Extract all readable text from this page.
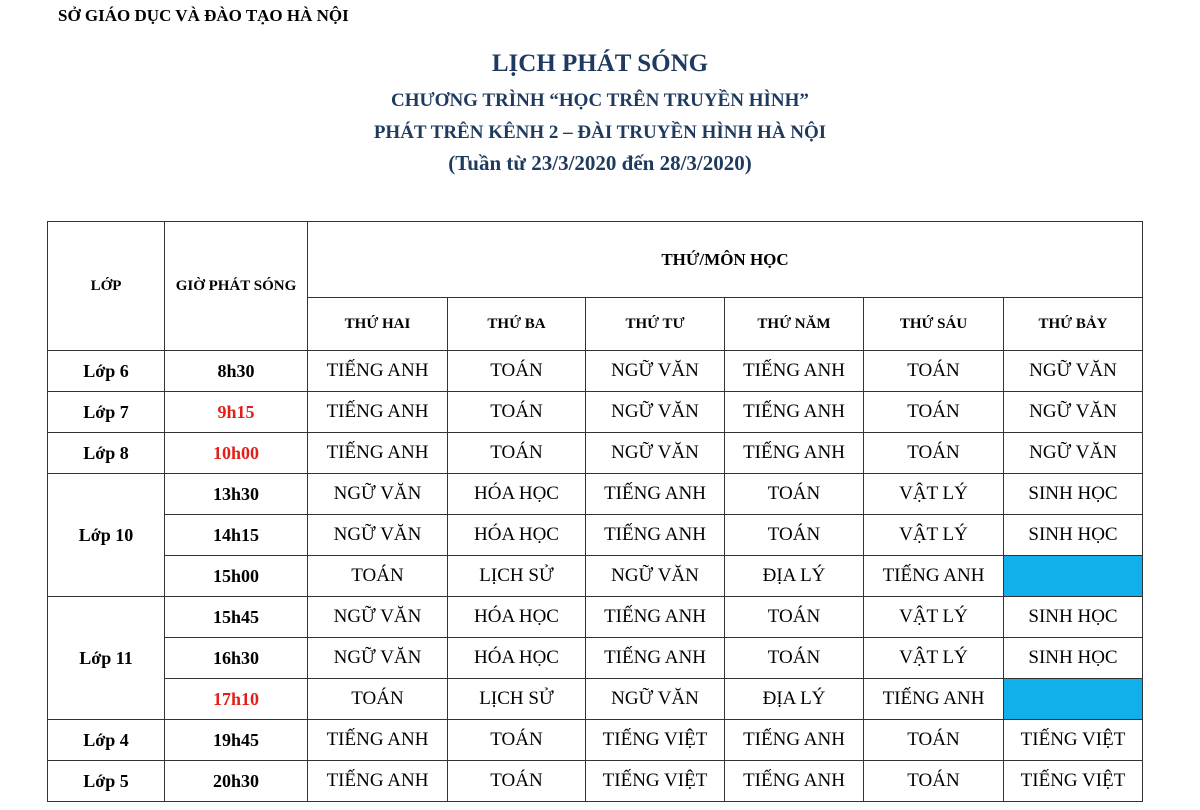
SỞ GIÁO DỤC VÀ ĐÀO TẠO HÀ NỘI
LỊCH PHÁT SÓNG
CHƯƠNG TRÌNH “HỌC TRÊN TRUYỀN HÌNH”
PHÁT TRÊN KÊNH 2 – ĐÀI TRUYỀN HÌNH HÀ NỘI
(Tuần từ 23/3/2020 đến 28/3/2020)
LỚP	GIỜ PHÁT SÓNG	THỨ/MÔN HỌC					
		THỨ HAI	THỨ BA	THỨ TƯ	THỨ NĂM	THỨ SÁU	THỨ BẢY
Lớp 6	8h30	TIẾNG ANH	TOÁN	NGỮ VĂN	TIẾNG ANH	TOÁN	NGỮ VĂN
Lớp 7	9h15	TIẾNG ANH	TOÁN	NGỮ VĂN	TIẾNG ANH	TOÁN	NGỮ VĂN
Lớp 8	10h00	TIẾNG ANH	TOÁN	NGỮ VĂN	TIẾNG ANH	TOÁN	NGỮ VĂN
Lớp 10	13h30	NGỮ VĂN	HÓA HỌC	TIẾNG ANH	TOÁN	VẬT LÝ	SINH HỌC
	14h15	NGỮ VĂN	HÓA HỌC	TIẾNG ANH	TOÁN	VẬT LÝ	SINH HỌC
	15h00	TOÁN	LỊCH SỬ	NGỮ VĂN	ĐỊA LÝ	TIẾNG ANH	
Lớp 11	15h45	NGỮ VĂN	HÓA HỌC	TIẾNG ANH	TOÁN	VẬT LÝ	SINH HỌC
	16h30	NGỮ VĂN	HÓA HỌC	TIẾNG ANH	TOÁN	VẬT LÝ	SINH HỌC
	17h10	TOÁN	LỊCH SỬ	NGỮ VĂN	ĐỊA LÝ	TIẾNG ANH	
Lớp 4	19h45	TIẾNG ANH	TOÁN	TIẾNG VIỆT	TIẾNG ANH	TOÁN	TIẾNG VIỆT
Lớp 5	20h30	TIẾNG ANH	TOÁN	TIẾNG VIỆT	TIẾNG ANH	TOÁN	TIẾNG VIỆT
